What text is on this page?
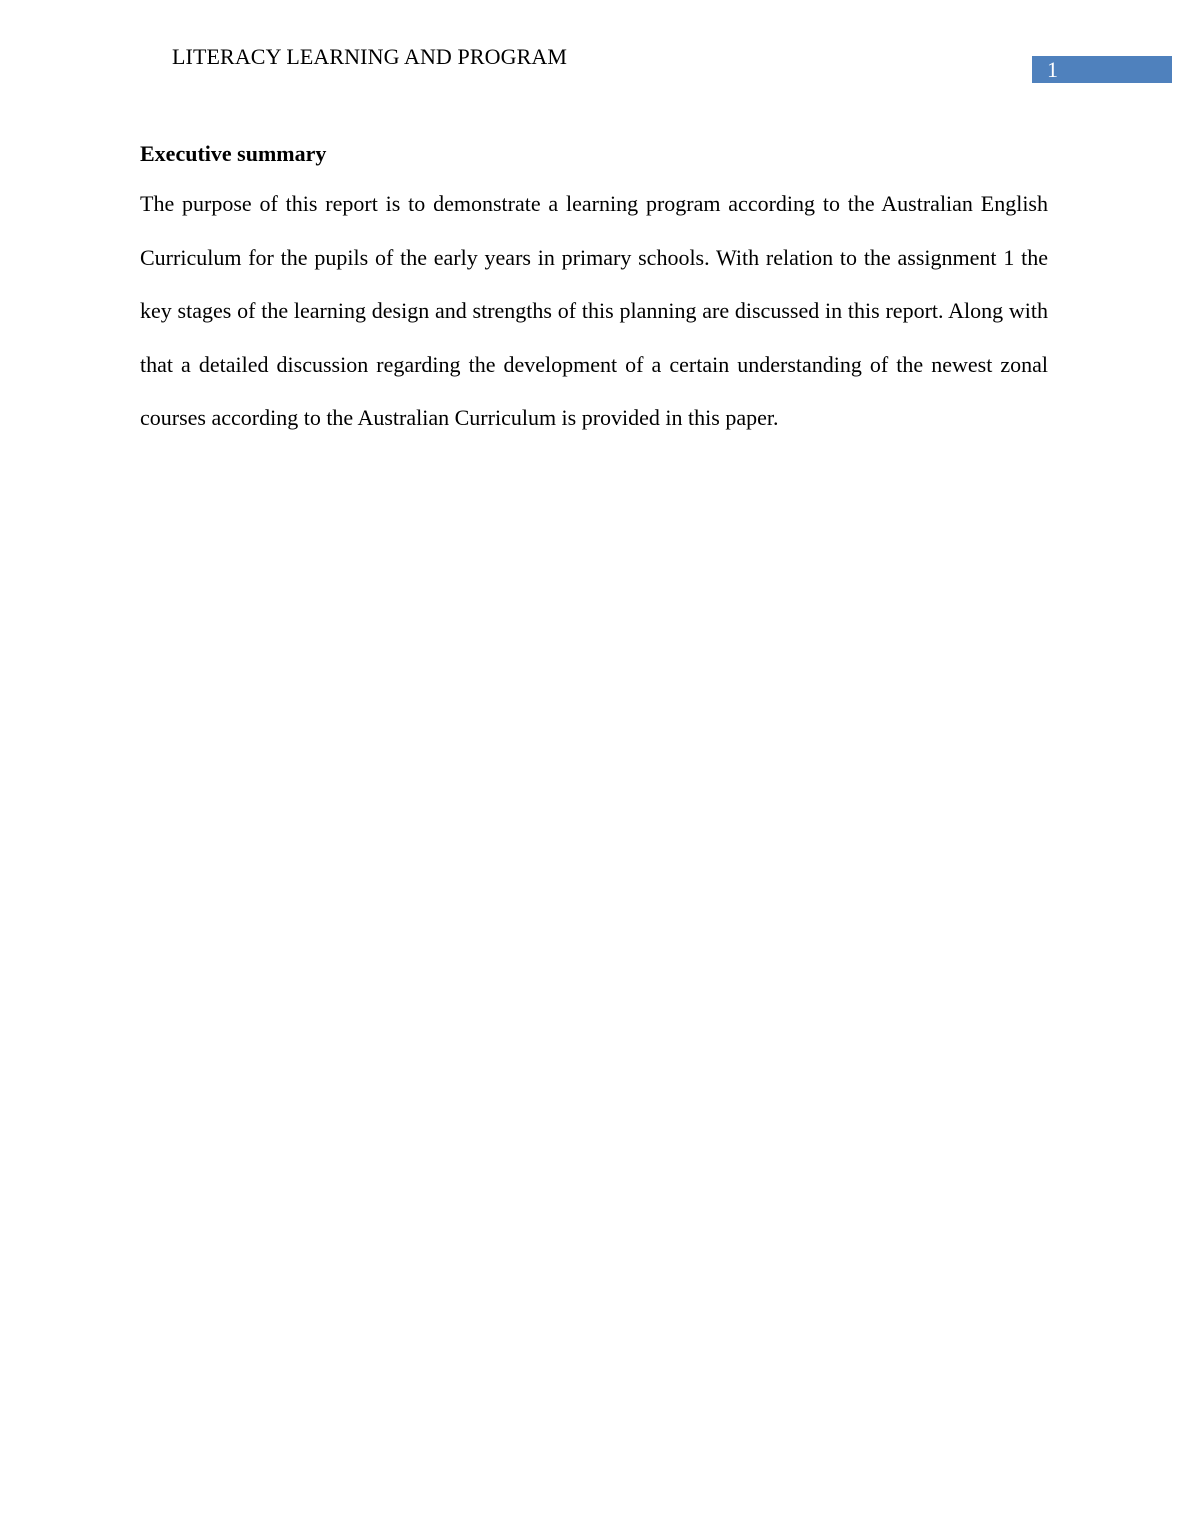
LITERACY LEARNING AND PROGRAM
1
Executive summary

The purpose of this report is to demonstrate a learning program according to the Australian English Curriculum for the pupils of the early years in primary schools. With relation to the assignment 1 the key stages of the learning design and strengths of this planning are discussed in this report. Along with that a detailed discussion regarding the development of a certain understanding of the newest zonal courses according to the Australian Curriculum is provided in this paper.
